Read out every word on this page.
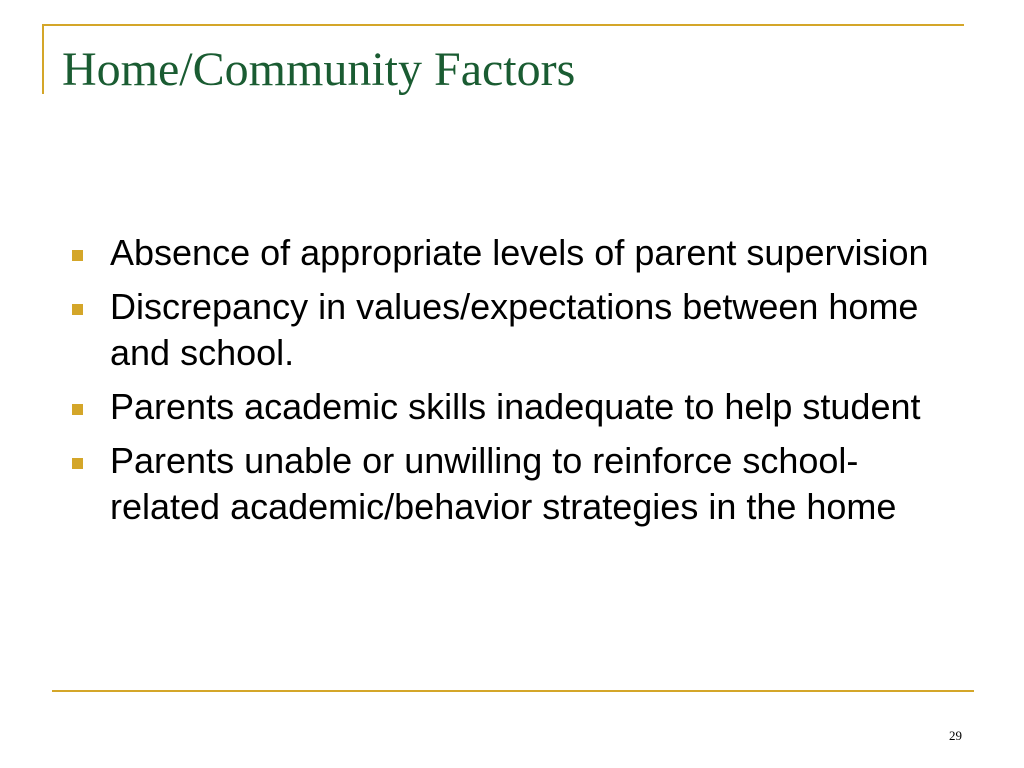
Home/Community Factors
Absence of appropriate levels of parent supervision
Discrepancy in values/expectations between home and school.
Parents academic skills inadequate to help student
Parents unable or unwilling to reinforce school-related academic/behavior strategies in the home
29
